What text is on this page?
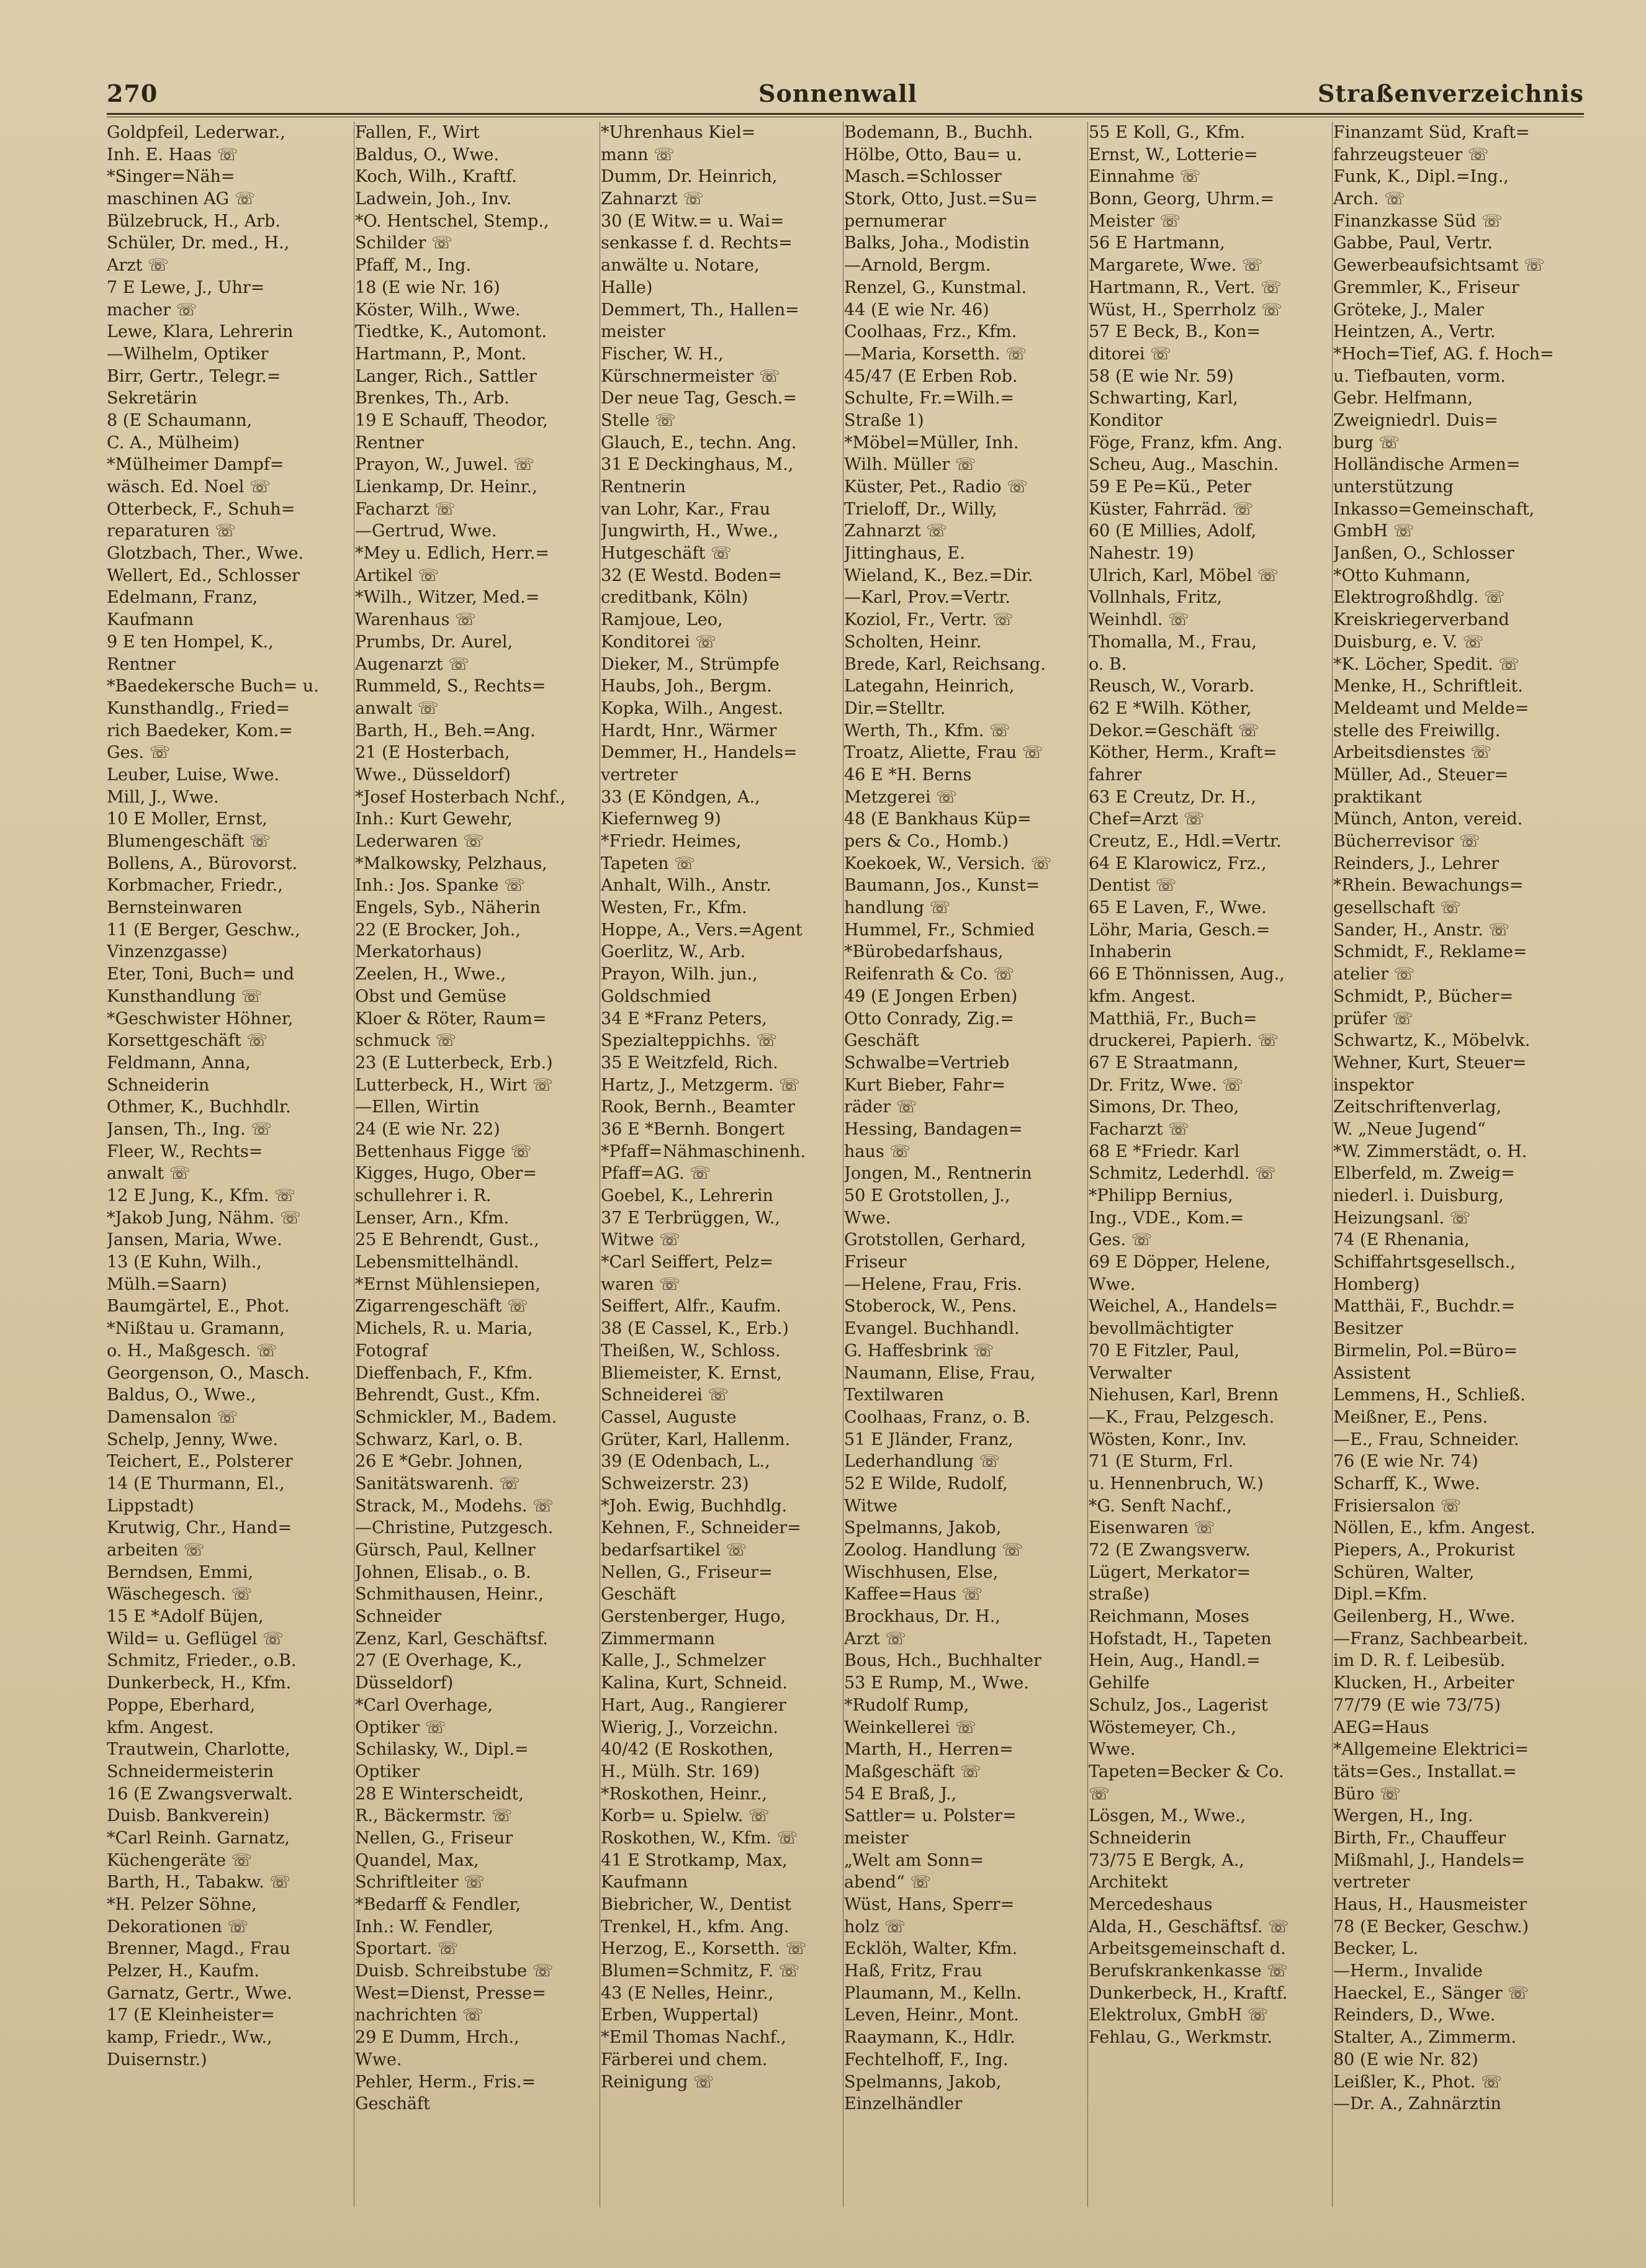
270	Sonnenwall	Straßenverzeichnis
Goldpfeil, Lederwar.,
Inh. E. Haas ☏
*Singer=Näh=
maschinen AG ☏
Bülzebruck, H., Arb.
Schüler, Dr. med., H.,
Arzt ☏
7 E Lewe, J., Uhr=
macher ☏
Lewe, Klara, Lehrerin
—Wilhelm, Optiker
Birr, Gertr., Telegr.=
Sekretärin
8 (E Schaumann,
C. A., Mülheim)
*Mülheimer Dampf=
wäsch. Ed. Noel ☏
Otterbeck, F., Schuh=
reparaturen ☏
Glotzbach, Ther., Wwe.
Wellert, Ed., Schlosser
Edelmann, Franz,
Kaufmann
9 E ten Hompel, K.,
Rentner
*Baedekersche Buch= u.
Kunsthandlg., Fried=
rich Baedeker, Kom.=
Ges. ☏
Leuber, Luise, Wwe.
Mill, J., Wwe.
10 E Moller, Ernst,
Blumengeschäft ☏
Bollens, A., Bürovorst.
Korbmacher, Friedr.,
Bernsteinwaren
11 (E Berger, Geschw.,
Vinzenzgasse)
Eter, Toni, Buch= und
Kunsthandlung ☏
*Geschwister Höhner,
Korsettgeschäft ☏
Feldmann, Anna,
Schneiderin
Othmer, K., Buchhdlr.
Jansen, Th., Ing. ☏
Fleer, W., Rechts=
anwalt ☏
12 E Jung, K., Kfm. ☏
*Jakob Jung, Nähm. ☏
Jansen, Maria, Wwe.
13 (E Kuhn, Wilh.,
Mülh.=Saarn)
Baumgärtel, E., Phot.
*Nißtau u. Gramann,
o. H., Maßgesch. ☏
Georgenson, O., Masch.
Baldus, O., Wwe.,
Damensalon ☏
Schelp, Jenny, Wwe.
Teichert, E., Polsterer
14 (E Thurmann, El.,
Lippstadt)
Krutwig, Chr., Hand=
arbeiten ☏
Berndsen, Emmi,
Wäschegesch. ☏
15 E *Adolf Büjen,
Wild= u. Geflügel ☏
Schmitz, Frieder., o.B.
Dunkerbeck, H., Kfm.
Poppe, Eberhard,
kfm. Angest.
Trautwein, Charlotte,
Schneidermeisterin
16 (E Zwangsverwalt.
Duisb. Bankverein)
*Carl Reinh. Garnatz,
Küchengeräte ☏
Barth, H., Tabakw. ☏
*H. Pelzer Söhne,
Dekorationen ☏
Brenner, Magd., Frau
Pelzer, H., Kaufm.
Garnatz, Gertr., Wwe.
17 (E Kleinheister=
kamp, Friedr., Ww.,
Duisernstr.)
Fallen, F., Wirt
Baldus, O., Wwe.
Koch, Wilh., Kraftf.
Ladwein, Joh., Inv.
*O. Hentschel, Stemp.,
Schilder ☏
Pfaff, M., Ing.
18 (E wie Nr. 16)
Köster, Wilh., Wwe.
Tiedtke, K., Automont.
Hartmann, P., Mont.
Langer, Rich., Sattler
Brenkes, Th., Arb.
19 E Schauff, Theodor,
Rentner
Prayon, W., Juwel. ☏
Lienkamp, Dr. Heinr.,
Facharzt ☏
—Gertrud, Wwe.
*Mey u. Edlich, Herr.=
Artikel ☏
*Wilh., Witzer, Med.=
Warenhaus ☏
Prumbs, Dr. Aurel,
Augenarzt ☏
Rummeld, S., Rechts=
anwalt ☏
Barth, H., Beh.=Ang.
21 (E Hosterbach,
Wwe., Düsseldorf)
*Josef Hosterbach Nchf.,
Inh.: Kurt Gewehr,
Lederwaren ☏
*Malkowsky, Pelzhaus,
Inh.: Jos. Spanke ☏
Engels, Syb., Näherin
22 (E Brocker, Joh.,
Merkatorhaus)
Zeelen, H., Wwe.,
Obst und Gemüse
Kloer & Röter, Raum=
schmuck ☏
23 (E Lutterbeck, Erb.)
Lutterbeck, H., Wirt ☏
—Ellen, Wirtin
24 (E wie Nr. 22)
Bettenhaus Figge ☏
Kigges, Hugo, Ober=
schullehrer i. R.
Lenser, Arn., Kfm.
25 E Behrendt, Gust.,
Lebensmittelhändl.
*Ernst Mühlensiepen,
Zigarrengeschäft ☏
Michels, R. u. Maria,
Fotograf
Dieffenbach, F., Kfm.
Behrendt, Gust., Kfm.
Schmickler, M., Badem.
Schwarz, Karl, o. B.
26 E *Gebr. Johnen,
Sanitätswarenh. ☏
Strack, M., Modehs. ☏
—Christine, Putzgesch.
Gürsch, Paul, Kellner
Johnen, Elisab., o. B.
Schmithausen, Heinr.,
Schneider
Zenz, Karl, Geschäftsf.
27 (E Overhage, K.,
Düsseldorf)
*Carl Overhage,
Optiker ☏
Schilasky, W., Dipl.=
Optiker
28 E Winterscheidt,
R., Bäckermstr. ☏
Nellen, G., Friseur
Quandel, Max,
Schriftleiter ☏
*Bedarff & Fendler,
Inh.: W. Fendler,
Sportart. ☏
Duisb. Schreibstube ☏
West=Dienst, Presse=
nachrichten ☏
29 E Dumm, Hrch.,
Wwe.
Pehler, Herm., Fris.=
Geschäft
*Uhrenhaus Kiel=
mann ☏
Dumm, Dr. Heinrich,
Zahnarzt ☏
30 (E Witw.= u. Wai=
senkasse f. d. Rechts=
anwälte u. Notare,
Halle)
Demmert, Th., Hallen=
meister
Fischer, W. H.,
Kürschnermeister ☏
Der neue Tag, Gesch.=
Stelle ☏
Glauch, E., techn. Ang.
31 E Deckinghaus, M.,
Rentnerin
van Lohr, Kar., Frau
Jungwirth, H., Wwe.,
Hutgeschäft ☏
32 (E Westd. Boden=
creditbank, Köln)
Ramjoue, Leo,
Konditorei ☏
Dieker, M., Strümpfe
Haubs, Joh., Bergm.
Kopka, Wilh., Angest.
Hardt, Hnr., Wärmer
Demmer, H., Handels=
vertreter
33 (E Köndgen, A.,
Kiefernweg 9)
*Friedr. Heimes,
Tapeten ☏
Anhalt, Wilh., Anstr.
Westen, Fr., Kfm.
Hoppe, A., Vers.=Agent
Goerlitz, W., Arb.
Prayon, Wilh. jun.,
Goldschmied
34 E *Franz Peters,
Spezialteppichhs. ☏
35 E Weitzfeld, Rich.
Hartz, J., Metzgerm. ☏
Rook, Bernh., Beamter
36 E *Bernh. Bongert
*Pfaff=Nähmaschinenh.
Pfaff=AG. ☏
Goebel, K., Lehrerin
37 E Terbrüggen, W.,
Witwe ☏
*Carl Seiffert, Pelz=
waren ☏
Seiffert, Alfr., Kaufm.
38 (E Cassel, K., Erb.)
Theißen, W., Schloss.
Bliemeister, K. Ernst,
Schneiderei ☏
Cassel, Auguste
Grüter, Karl, Hallenm.
39 (E Odenbach, L.,
Schweizerstr. 23)
*Joh. Ewig, Buchhdlg.
Kehnen, F., Schneider=
bedarfsartikel ☏
Nellen, G., Friseur=
Geschäft
Gerstenberger, Hugo,
Zimmermann
Kalle, J., Schmelzer
Kalina, Kurt, Schneid.
Hart, Aug., Rangierer
Wierig, J., Vorzeichn.
40/42 (E Roskothen,
H., Mülh. Str. 169)
*Roskothen, Heinr.,
Korb= u. Spielw. ☏
Roskothen, W., Kfm. ☏
41 E Strotkamp, Max,
Kaufmann
Biebricher, W., Dentist
Trenkel, H., kfm. Ang.
Herzog, E., Korsetth. ☏
Blumen=Schmitz, F. ☏
43 (E Nelles, Heinr.,
Erben, Wuppertal)
*Emil Thomas Nachf.,
Färberei und chem.
Reinigung ☏
Bodemann, B., Buchh.
Hölbe, Otto, Bau= u.
Masch.=Schlosser
Stork, Otto, Just.=Su=
pernumerar
Balks, Joha., Modistin
—Arnold, Bergm.
Renzel, G., Kunstmal.
44 (E wie Nr. 46)
Coolhaas, Frz., Kfm.
—Maria, Korsetth. ☏
45/47 (E Erben Rob.
Schulte, Fr.=Wilh.=
Straße 1)
*Möbel=Müller, Inh.
Wilh. Müller ☏
Küster, Pet., Radio ☏
Trieloff, Dr., Willy,
Zahnarzt ☏
Jittinghaus, E.
Wieland, K., Bez.=Dir.
—Karl, Prov.=Vertr.
Koziol, Fr., Vertr. ☏
Scholten, Heinr.
Brede, Karl, Reichsang.
Lategahn, Heinrich,
Dir.=Stelltr.
Werth, Th., Kfm. ☏
Troatz, Aliette, Frau ☏
46 E *H. Berns
Metzgerei ☏
48 (E Bankhaus Küp=
pers & Co., Homb.)
Koekoek, W., Versich. ☏
Baumann, Jos., Kunst=
handlung ☏
Hummel, Fr., Schmied
*Bürobedarfshaus,
Reifenrath & Co. ☏
49 (E Jongen Erben)
Otto Conrady, Zig.=
Geschäft
Schwalbe=Vertrieb
Kurt Bieber, Fahr=
räder ☏
Hessing, Bandagen=
haus ☏
Jongen, M., Rentnerin
50 E Grotstollen, J.,
Wwe.
Grotstollen, Gerhard,
Friseur
—Helene, Frau, Fris.
Stoberock, W., Pens.
Evangel. Buchhandl.
G. Haffesbrink ☏
Naumann, Elise, Frau,
Textilwaren
Coolhaas, Franz, o. B.
51 E Jländer, Franz,
Lederhandlung ☏
52 E Wilde, Rudolf,
Witwe
Spelmanns, Jakob,
Zoolog. Handlung ☏
Wischhusen, Else,
Kaffee=Haus ☏
Brockhaus, Dr. H.,
Arzt ☏
Bous, Hch., Buchhalter
53 E Rump, M., Wwe.
*Rudolf Rump,
Weinkellerei ☏
Marth, H., Herren=
Maßgeschäft ☏
54 E Braß, J.,
Sattler= u. Polster=
meister
„Welt am Sonn=
abend“ ☏
Wüst, Hans, Sperr=
holz ☏
Ecklöh, Walter, Kfm.
Haß, Fritz, Frau
Plaumann, M., Kelln.
Leven, Heinr., Mont.
Raaymann, K., Hdlr.
Fechtelhoff, F., Ing.
Spelmanns, Jakob,
Einzelhändler
55 E Koll, G., Kfm.
Ernst, W., Lotterie=
Einnahme ☏
Bonn, Georg, Uhrm.=
Meister ☏
56 E Hartmann,
Margarete, Wwe. ☏
Hartmann, R., Vert. ☏
Wüst, H., Sperrholz ☏
57 E Beck, B., Kon=
ditorei ☏
58 (E wie Nr. 59)
Schwarting, Karl,
Konditor
Föge, Franz, kfm. Ang.
Scheu, Aug., Maschin.
59 E Pe=Kü., Peter
Küster, Fahrräd. ☏
60 (E Millies, Adolf,
Nahestr. 19)
Ulrich, Karl, Möbel ☏
Vollnhals, Fritz,
Weinhdl. ☏
Thomalla, M., Frau,
o. B.
Reusch, W., Vorarb.
62 E *Wilh. Köther,
Dekor.=Geschäft ☏
Köther, Herm., Kraft=
fahrer
63 E Creutz, Dr. H.,
Chef=Arzt ☏
Creutz, E., Hdl.=Vertr.
64 E Klarowicz, Frz.,
Dentist ☏
65 E Laven, F., Wwe.
Löhr, Maria, Gesch.=
Inhaberin
66 E Thönnissen, Aug.,
kfm. Angest.
Matthiä, Fr., Buch=
druckerei, Papierh. ☏
67 E Straatmann,
Dr. Fritz, Wwe. ☏
Simons, Dr. Theo,
Facharzt ☏
68 E *Friedr. Karl
Schmitz, Lederhdl. ☏
*Philipp Bernius,
Ing., VDE., Kom.=
Ges. ☏
69 E Döpper, Helene,
Wwe.
Weichel, A., Handels=
bevollmächtigter
70 E Fitzler, Paul,
Verwalter
Niehusen, Karl, Brenn
—K., Frau, Pelzgesch.
Wösten, Konr., Inv.
71 (E Sturm, Frl.
u. Hennenbruch, W.)
*G. Senft Nachf.,
Eisenwaren ☏
72 (E Zwangsverw.
Lügert, Merkator=
straße)
Reichmann, Moses
Hofstadt, H., Tapeten
Hein, Aug., Handl.=
Gehilfe
Schulz, Jos., Lagerist
Wöstemeyer, Ch.,
Wwe.
Tapeten=Becker & Co.
☏
Lösgen, M., Wwe.,
Schneiderin
73/75 E Bergk, A.,
Architekt
Mercedeshaus
Alda, H., Geschäftsf. ☏
Arbeitsgemeinschaft d.
Berufskrankenkasse ☏
Dunkerbeck, H., Kraftf.
Elektrolux, GmbH ☏
Fehlau, G., Werkmstr.
Finanzamt Süd, Kraft=
fahrzeugsteuer ☏
Funk, K., Dipl.=Ing.,
Arch. ☏
Finanzkasse Süd ☏
Gabbe, Paul, Vertr.
Gewerbeaufsichtsamt ☏
Gremmler, K., Friseur
Gröteke, J., Maler
Heintzen, A., Vertr.
*Hoch=Tief, AG. f. Hoch=
u. Tiefbauten, vorm.
Gebr. Helfmann,
Zweigniedrl. Duis=
burg ☏
Holländische Armen=
unterstützung
Inkasso=Gemeinschaft,
GmbH ☏
Janßen, O., Schlosser
*Otto Kuhmann,
Elektrogroßhdlg. ☏
Kreiskriegerverband
Duisburg, e. V. ☏
*K. Löcher, Spedit. ☏
Menke, H., Schriftleit.
Meldeamt und Melde=
stelle des Freiwillg.
Arbeitsdienstes ☏
Müller, Ad., Steuer=
praktikant
Münch, Anton, vereid.
Bücherrevisor ☏
Reinders, J., Lehrer
*Rhein. Bewachungs=
gesellschaft ☏
Sander, H., Anstr. ☏
Schmidt, F., Reklame=
atelier ☏
Schmidt, P., Bücher=
prüfer ☏
Schwartz, K., Möbelvk.
Wehner, Kurt, Steuer=
inspektor
Zeitschriftenverlag,
W. „Neue Jugend“
*W. Zimmerstädt, o. H.
Elberfeld, m. Zweig=
niederl. i. Duisburg,
Heizungsanl. ☏
74 (E Rhenania,
Schiffahrtsgesellsch.,
Homberg)
Matthäi, F., Buchdr.=
Besitzer
Birmelin, Pol.=Büro=
Assistent
Lemmens, H., Schließ.
Meißner, E., Pens.
—E., Frau, Schneider.
76 (E wie Nr. 74)
Scharff, K., Wwe.
Frisiersalon ☏
Nöllen, E., kfm. Angest.
Piepers, A., Prokurist
Schüren, Walter,
Dipl.=Kfm.
Geilenberg, H., Wwe.
—Franz, Sachbearbeit.
im D. R. f. Leibesüb.
Klucken, H., Arbeiter
77/79 (E wie 73/75)
AEG=Haus
*Allgemeine Elektrici=
täts=Ges., Installat.=
Büro ☏
Wergen, H., Ing.
Birth, Fr., Chauffeur
Mißmahl, J., Handels=
vertreter
Haus, H., Hausmeister
78 (E Becker, Geschw.)
Becker, L.
—Herm., Invalide
Haeckel, E., Sänger ☏
Reinders, D., Wwe.
Stalter, A., Zimmerm.
80 (E wie Nr. 82)
Leißler, K., Phot. ☏
—Dr. A., Zahnärztin
